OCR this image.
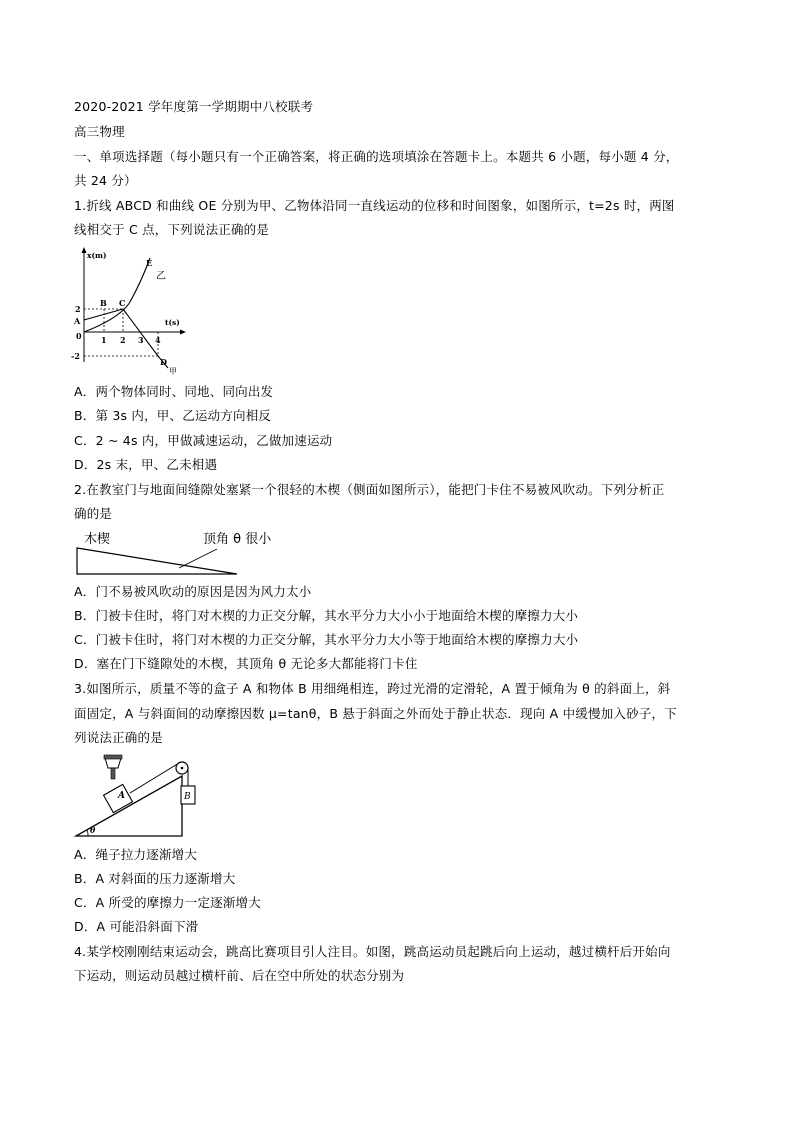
2020-2021 学年度第一学期期中八校联考
高三物理
一、单项选择题（每小题只有一个正确答案，将正确的选项填涂在答题卡上。本题共 6 小题，每小题 4 分，
共 24 分）
1.折线 ABCD 和曲线 OE 分别为甲、乙物体沿同一直线运动的位移和时间图象，如图所示，t=2s 时，两图
线相交于 C 点，下列说法正确的是
x(m)
t(s)
0
2
-2
1 2 3 4
A
B C
D
E
乙
甲
A．两个物体同时、同地、同向出发
B．第 3s 内，甲、乙运动方向相反
C．2 ~ 4s 内，甲做减速运动，乙做加速运动
D．2s 末，甲、乙未相遇
2.在教室门与地面间缝隙处塞紧一个很轻的木楔（侧面如图所示），能把门卡住不易被风吹动。下列分析正
确的是
木楔	顶角 θ 很小
A．门不易被风吹动的原因是因为风力太小
B．门被卡住时，将门对木楔的力正交分解，其水平分力大小小于地面给木楔的摩擦力大小
C．门被卡住时，将门对木楔的力正交分解，其水平分力大小等于地面给木楔的摩擦力大小
D．塞在门下缝隙处的木楔，其顶角 θ 无论多大都能将门卡住
3.如图所示，质量不等的盒子 A 和物体 B 用细绳相连，跨过光滑的定滑轮，A 置于倾角为 θ 的斜面上，斜
面固定，A 与斜面间的动摩擦因数 μ=tanθ，B 悬于斜面之外而处于静止状态．现向 A 中缓慢加入砂子，下
列说法正确的是
θ
B
A
A．绳子拉力逐渐增大
B．A 对斜面的压力逐渐增大
C．A 所受的摩擦力一定逐渐增大
D．A 可能沿斜面下滑
4.某学校刚刚结束运动会，跳高比赛项目引人注目。如图，跳高运动员起跳后向上运动，越过横杆后开始向
下运动，则运动员越过横杆前、后在空中所处的状态分别为
